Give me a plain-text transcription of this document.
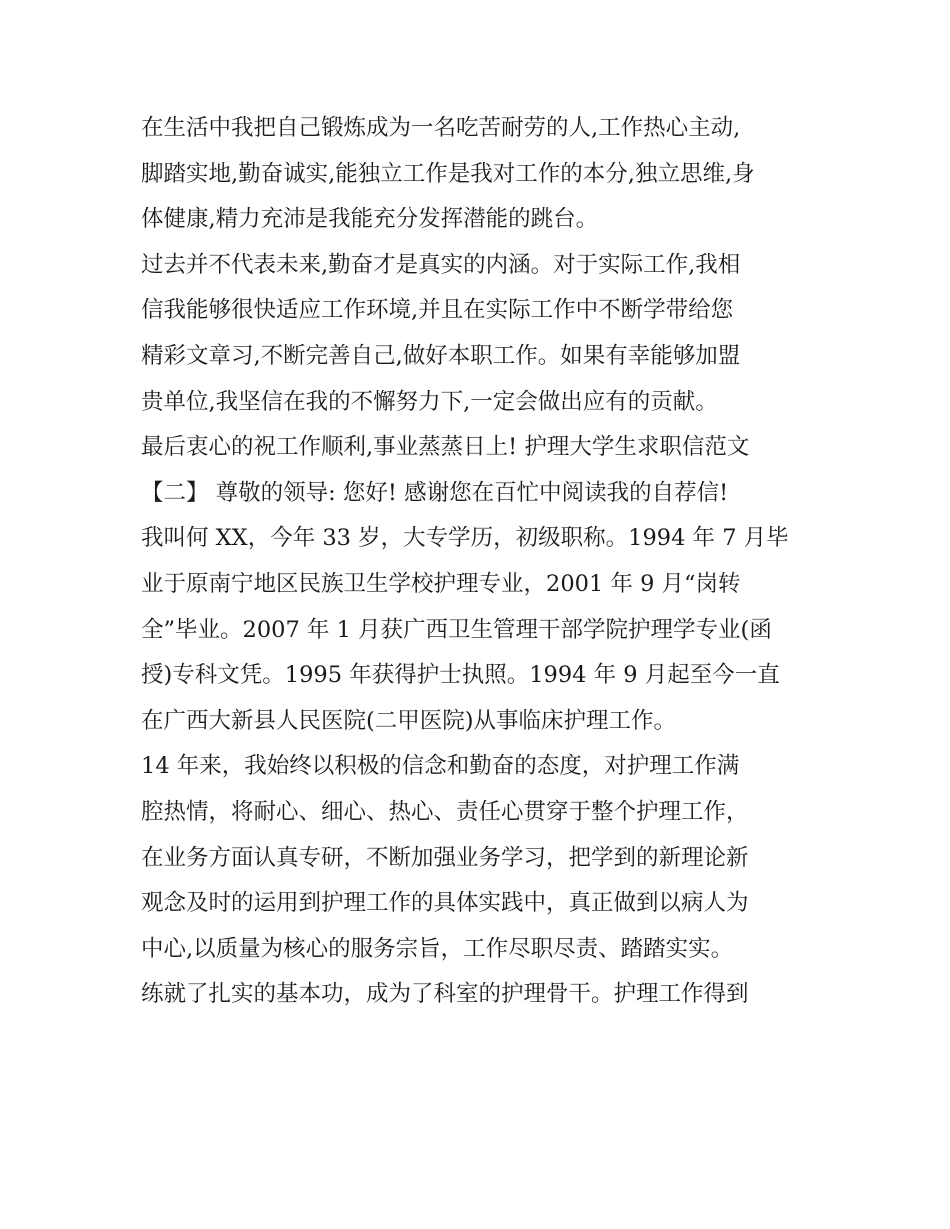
在生活中我把自己锻炼成为一名吃苦耐劳的人,工作热心主动,
脚踏实地,勤奋诚实,能独立工作是我对工作的本分,独立思维,身
体健康,精力充沛是我能充分发挥潜能的跳台。
过去并不代表未来,勤奋才是真实的内涵。对于实际工作,我相
信我能够很快适应工作环境,并且在实际工作中不断学带给您
精彩文章习,不断完善自己,做好本职工作。如果有幸能够加盟
贵单位,我坚信在我的不懈努力下,一定会做出应有的贡献。
最后衷心的祝工作顺利,事业蒸蒸日上! 护理大学生求职信范文
【二】 尊敬的领导: 您好! 感谢您在百忙中阅读我的自荐信!
我叫何 XX，今年 33 岁，大专学历，初级职称。1994 年 7 月毕
业于原南宁地区民族卫生学校护理专业，2001 年 9 月“岗转
全”毕业。2007 年 1 月获广西卫生管理干部学院护理学专业(函
授)专科文凭。1995 年获得护士执照。1994 年 9 月起至今一直
在广西大新县人民医院(二甲医院)从事临床护理工作。
14 年来，我始终以积极的信念和勤奋的态度，对护理工作满
腔热情，将耐心、细心、热心、责任心贯穿于整个护理工作，
在业务方面认真专研，不断加强业务学习，把学到的新理论新
观念及时的运用到护理工作的具体实践中，真正做到以病人为
中心,以质量为核心的服务宗旨，工作尽职尽责、踏踏实实。
练就了扎实的基本功，成为了科室的护理骨干。护理工作得到
